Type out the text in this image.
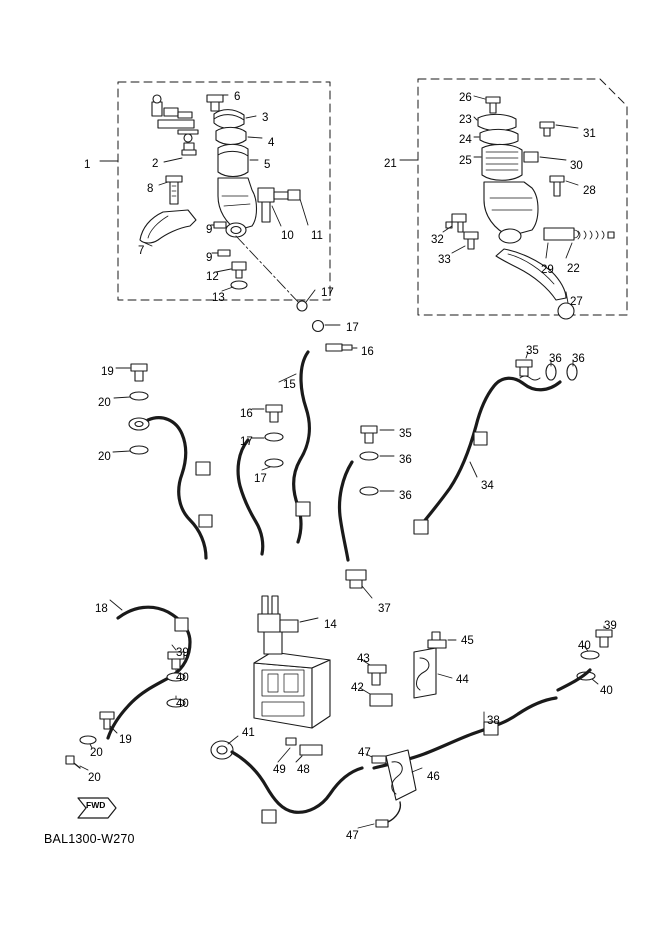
BAL1300-W270
FWD
1	2
3
4
5
6
7
8
9
9
10 11
12
13
14
15
16
16
17
17
17
17
18
19
19
20
20
20
20
21
22
23
24
25
26
27
28
29
30
31
32
33
34
35
35
36 36
36
36
37
38
39
39
40
40
40
40
41
42
43
44
45
46
47
47
48
49
